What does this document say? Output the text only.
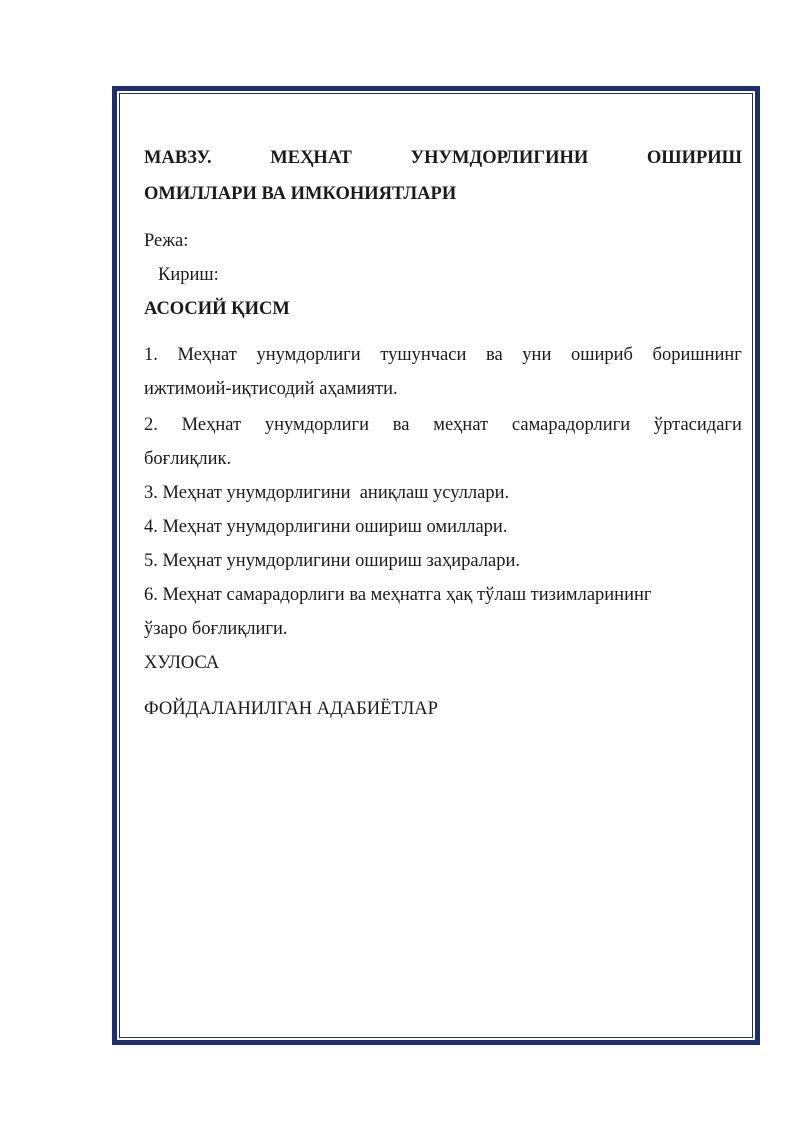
МАВЗУ.	МЕҲНАТ	УНУМДОРЛИГИНИ	ОШИРИШ
ОМИЛЛАРИ ВА ИМКОНИЯТЛАРИ

Режа:

Кириш:

АСОСИЙ ҚИСМ

1. Меҳнат унумдорлиги тушунчаси ва уни ошириб боришнинг
ижтимоий-иқтисодий аҳамияти.
2. Меҳнат унумдорлиги ва меҳнат самарадорлиги ўртасидаги
боғлиқлик.

3. Меҳнат унумдорлигини  аниқлаш усуллари.

4. Меҳнат унумдорлигини ошириш омиллари.

5. Меҳнат унумдорлигини ошириш заҳиралари.

6. Меҳнат самарадорлиги ва меҳнатга ҳақ тўлаш тизимларининг
ўзаро боғлиқлиги.

ХУЛОСА

ФОЙДАЛАНИЛГАН АДАБИЁТЛАР
